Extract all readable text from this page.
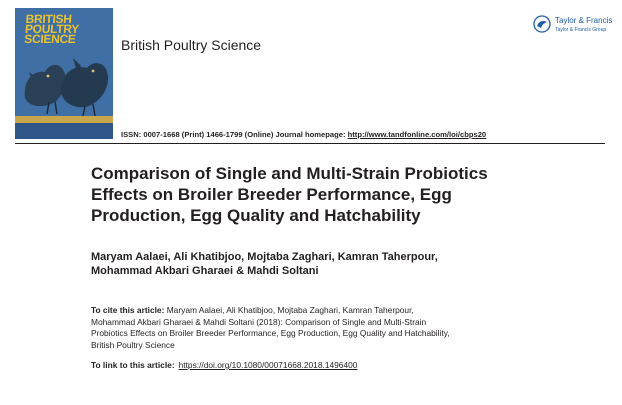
BRITISH
POULTRY
SCIENCE	British Poultry Science
Taylor & Francis
Taylor & Francis Group
ISSN: 0007-1668 (Print) 1466-1799 (Online) Journal homepage: http://www.tandfonline.com/loi/cbps20
Comparison of Single and Multi-Strain Probiotics
Effects on Broiler Breeder Performance, Egg
Production, Egg Quality and Hatchability
Maryam Aalaei, Ali Khatibjoo, Mojtaba Zaghari, Kamran Taherpour,
Mohammad Akbari Gharaei & Mahdi Soltani
To cite this article: Maryam Aalaei, Ali Khatibjoo, Mojtaba Zaghari, Kamran Taherpour,
Mohammad Akbari Gharaei & Mahdi Soltani (2018): Comparison of Single and Multi-Strain
Probiotics Effects on Broiler Breeder Performance, Egg Production, Egg Quality and Hatchability,
British Poultry Science
To link to this article: https://doi.org/10.1080/00071668.2018.1496400
